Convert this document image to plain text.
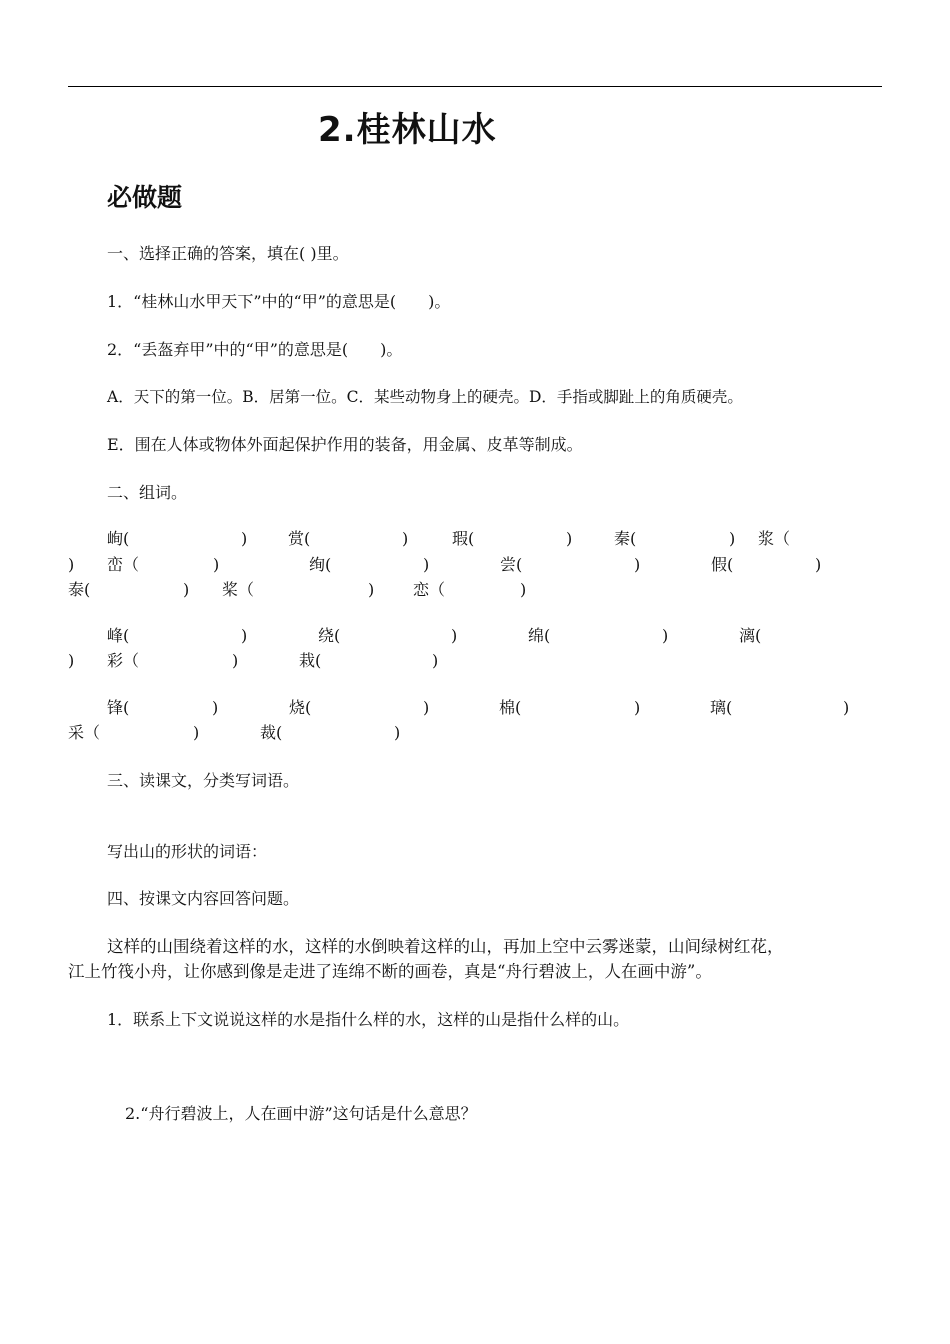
2.桂林山水
必做题
一、选择正确的答案，填在( )里。
1．“桂林山水甲天下”中的“甲”的意思是(　　)。
2．“丢盔弃甲”中的“甲”的意思是(　　)。
A．天下的第一位。B．居第一位。C．某些动物身上的硬壳。D．手指或脚趾上的角质硬壳。
E．围在人体或物体外面起保护作用的装备，用金属、皮革等制成。
二、组词。
峋(	)	赏(	)	瑕(	)	秦(	) 浆（
) 峦（	)	绚(	)	尝(	)	假(	)
泰(	) 桨（	) 恋（	)
峰(	)	绕(	)	绵(	)	漓(
) 彩（	)	栽(	)
锋(	)	烧(	)	棉(	)	璃(	)
采（	)	裁(	)
三、读课文，分类写词语。
写出山的形状的词语：
四、按课文内容回答问题。
这样的山围绕着这样的水，这样的水倒映着这样的山，再加上空中云雾迷蒙，山间绿树红花，
江上竹筏小舟，让你感到像是走进了连绵不断的画卷，真是“舟行碧波上，人在画中游”。
1．联系上下文说说这样的水是指什么样的水，这样的山是指什么样的山。
2.“舟行碧波上，人在画中游”这句话是什么意思？
